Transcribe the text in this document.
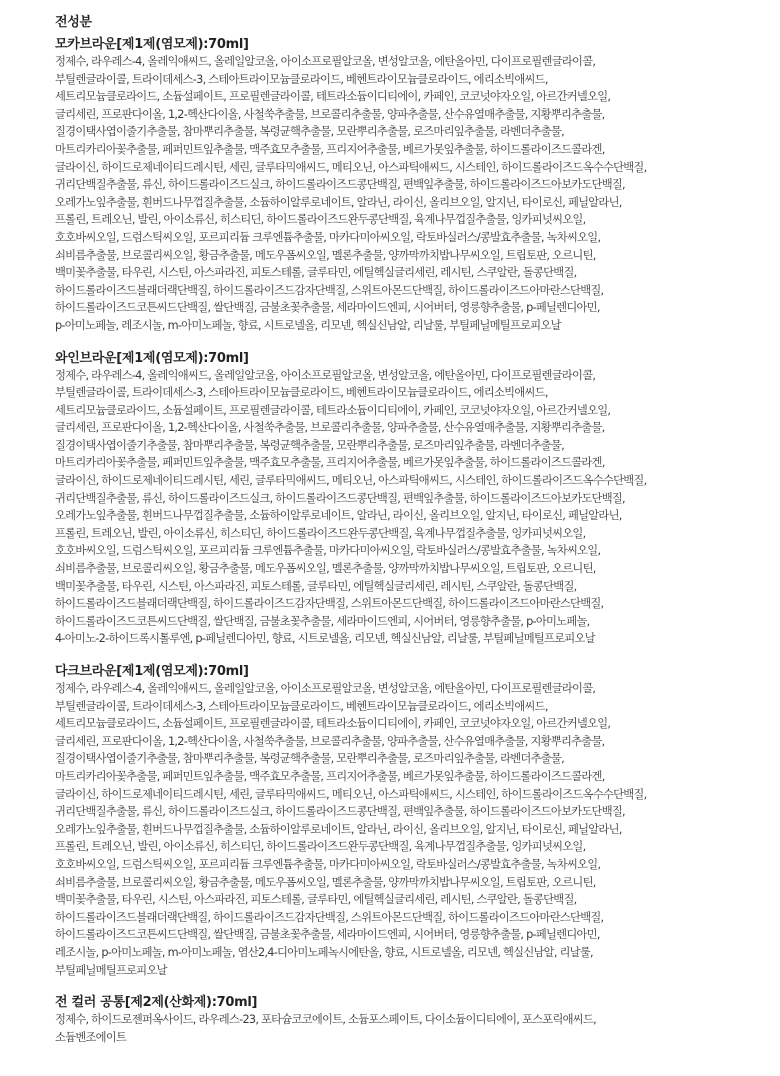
전성분
모카브라운[제1제(염모제):70ml]
정제수, 라우레스-4, 올레익애씨드, 올레일알코올, 아이소프로필알코올, 변성알코올, 에탄올아민, 다이프로필렌글라이콜,
부틸렌글라이콜, 트라이데세스-3, 스테아트라이모늄클로라이드, 베헨트라이모늄클로라이드, 에리소빅애씨드,
세트리모늄클로라이드, 소듐설페이트, 프로필렌글라이콜, 테트라소듐이디티에이, 카페인, 코코넛야자오일, 아르간커넬오일,
글리세린, 프로판다이올, 1,2-헥산다이올, 사철쑥추출물, 브로콜리추출물, 양파추출물, 산수유열매추출물, 지황뿌리추출물,
질경이택사엽이줄기추출물, 참마뿌리추출물, 복령균핵추출물, 모란뿌리추출물, 로즈마리잎추출물, 라벤더추출물,
마트리카리아꽃추출물, 페퍼민트잎추출물, 맥주효모추출물, 프리지어추출물, 베르가못잎추출물, 하이드롤라이즈드콜라겐,
글라이신, 하이드로제네이티드레시틴, 세린, 글루타믹애씨드, 메티오닌, 아스파틱애씨드, 시스테인, 하이드롤라이즈드옥수수단백질,
귀리단백질추출물, 류신, 하이드롤라이즈드실크, 하이드롤라이즈드콩단백질, 편백잎추출물, 하이드롤라이즈드아보카도단백질,
오레가노잎추출물, 흰버드나무껍질추출물, 소듐하이알루로네이트, 알라닌, 라이신, 올리브오일, 알지닌, 타이로신, 페닐알라닌,
프롤린, 트레오닌, 발린, 아이소류신, 히스티딘, 하이드롤라이즈드완두콩단백질, 육계나무껍질추출물, 잉카피넛씨오일,
호호바씨오일, 드럼스틱씨오일, 포르피리듐 크루엔튬추출물, 마카다미아씨오일, 락토바실러스/콩발효추출물, 녹차씨오일,
쇠비름추출물, 브로콜리씨오일, 황금추출물, 메도우폼씨오일, 멜론추출물, 양까막까치밥나무씨오일, 트립토판, 오르니틴,
백미꽃추출물, 타우린, 시스틴, 아스파라진, 피토스테롤, 글루타민, 에틸헥실글리세린, 레시틴, 스쿠알란, 돌콩단백질,
하이드롤라이즈드블래더랙단백질, 하이드롤라이즈드감자단백질, 스위트아몬드단백질, 하이드롤라이즈드아마란스단백질,
하이드롤라이즈드코튼씨드단백질, 쌀단백질, 금불초꽃추출물, 세라마이드엔피, 시어버터, 영릉향추출물, p-페닐렌디아민,
p-아미노페놀, 레조시놀, m-아미노페놀, 향료, 시트로넬올, 리모넨, 헥실신남알, 리날룰, 부틸페닐메틸프로피오날
와인브라운[제1제(염모제):70ml]
정제수, 라우레스-4, 올레익애씨드, 올레일알코올, 아이소프로필알코올, 변성알코올, 에탄올아민, 다이프로필렌글라이콜,
부틸렌글라이콜, 트라이데세스-3, 스테아트라이모늄클로라이드, 베헨트라이모늄클로라이드, 에리소빅애씨드,
세트리모늄클로라이드, 소듐설페이트, 프로필렌글라이콜, 테트라소듐이디티에이, 카페인, 코코넛야자오일, 아르간커넬오일,
글리세린, 프로판다이올, 1,2-헥산다이올, 사철쑥추출물, 브로콜리추출물, 양파추출물, 산수유열매추출물, 지황뿌리추출물,
질경이택사엽이줄기추출물, 참마뿌리추출물, 복령균핵추출물, 모란뿌리추출물, 로즈마리잎추출물, 라벤더추출물,
마트리카리아꽃추출물, 페퍼민트잎추출물, 맥주효모추출물, 프리지어추출물, 베르가못잎추출물, 하이드롤라이즈드콜라겐,
글라이신, 하이드로제네이티드레시틴, 세린, 글루타믹애씨드, 메티오닌, 아스파틱애씨드, 시스테인, 하이드롤라이즈드옥수수단백질,
귀리단백질추출물, 류신, 하이드롤라이즈드실크, 하이드롤라이즈드콩단백질, 편백잎추출물, 하이드롤라이즈드아보카도단백질,
오레가노잎추출물, 흰버드나무껍질추출물, 소듐하이알루로네이트, 알라닌, 라이신, 올리브오일, 알지닌, 타이로신, 페닐알라닌,
프롤린, 트레오닌, 발린, 아이소류신, 히스티딘, 하이드롤라이즈드완두콩단백질, 육계나무껍질추출물, 잉카피넛씨오일,
호호바씨오일, 드럼스틱씨오일, 포르피리듐 크루엔튬추출물, 마카다미아씨오일, 락토바실러스/콩발효추출물, 녹차씨오일,
쇠비름추출물, 브로콜리씨오일, 황금추출물, 메도우폼씨오일, 멜론추출물, 양까막까치밥나무씨오일, 트립토판, 오르니틴,
백미꽃추출물, 타우린, 시스틴, 아스파라진, 피토스테롤, 글루타민, 에틸헥실글리세린, 레시틴, 스쿠알란, 돌콩단백질,
하이드롤라이즈드블래더랙단백질, 하이드롤라이즈드감자단백질, 스위트아몬드단백질, 하이드롤라이즈드아마란스단백질,
하이드롤라이즈드코튼씨드단백질, 쌀단백질, 금불초꽃추출물, 세라마이드엔피, 시어버터, 영릉향추출물, p-아미노페놀,
4-아미노-2-하이드록시톨루엔, p-페닐렌디아민, 향료, 시트로넬올, 리모넨, 헥실신남알, 리날룰, 부틸페닐메틸프로피오날
다크브라운[제1제(염모제):70ml]
정제수, 라우레스-4, 올레익애씨드, 올레일알코올, 아이소프로필알코올, 변성알코올, 에탄올아민, 다이프로필렌글라이콜,
부틸렌글라이콜, 트라이데세스-3, 스테아트라이모늄클로라이드, 베헨트라이모늄클로라이드, 에리소빅애씨드,
세트리모늄클로라이드, 소듐설페이트, 프로필렌글라이콜, 테트라소듐이디티에이, 카페인, 코코넛야자오일, 아르간커넬오일,
글리세린, 프로판다이올, 1,2-헥산다이올, 사철쑥추출물, 브로콜리추출물, 양파추출물, 산수유열매추출물, 지황뿌리추출물,
질경이택사엽이줄기추출물, 참마뿌리추출물, 복령균핵추출물, 모란뿌리추출물, 로즈마리잎추출물, 라벤더추출물,
마트리카리아꽃추출물, 페퍼민트잎추출물, 맥주효모추출물, 프리지어추출물, 베르가못잎추출물, 하이드롤라이즈드콜라겐,
글라이신, 하이드로제네이티드레시틴, 세린, 글루타믹애씨드, 메티오닌, 아스파틱애씨드, 시스테인, 하이드롤라이즈드옥수수단백질,
귀리단백질추출물, 류신, 하이드롤라이즈드실크, 하이드롤라이즈드콩단백질, 편백잎추출물, 하이드롤라이즈드아보카도단백질,
오레가노잎추출물, 흰버드나무껍질추출물, 소듐하이알루로네이트, 알라닌, 라이신, 올리브오일, 알지닌, 타이로신, 페닐알라닌,
프롤린, 트레오닌, 발린, 아이소류신, 히스티딘, 하이드롤라이즈드완두콩단백질, 육계나무껍질추출물, 잉카피넛씨오일,
호호바씨오일, 드럼스틱씨오일, 포르피리듐 크루엔튬추출물, 마카다미아씨오일, 락토바실러스/콩발효추출물, 녹차씨오일,
쇠비름추출물, 브로콜리씨오일, 황금추출물, 메도우폼씨오일, 멜론추출물, 양까막까치밥나무씨오일, 트립토판, 오르니틴,
백미꽃추출물, 타우린, 시스틴, 아스파라진, 피토스테롤, 글루타민, 에틸헥실글리세린, 레시틴, 스쿠알란, 돌콩단백질,
하이드롤라이즈드블래더랙단백질, 하이드롤라이즈드감자단백질, 스위트아몬드단백질, 하이드롤라이즈드아마란스단백질,
하이드롤라이즈드코튼씨드단백질, 쌀단백질, 금불초꽃추출물, 세라마이드엔피, 시어버터, 영릉향추출물, p-페닐렌디아민,
레조시놀, p-아미노페놀, m-아미노페놀, 염산2,4-디아미노페녹시에탄올, 향료, 시트로넬올, 리모넨, 헥실신남알, 리날룰,
부틸페닐메틸프로피오날
전 컬러 공통[제2제(산화제):70ml]
정제수, 하이드로젠퍼옥사이드, 라우레스-23, 포타슘코코에이트, 소듐포스페이트, 다이소듐이디티에이, 포스포릭애씨드,
소듐벤조에이트
